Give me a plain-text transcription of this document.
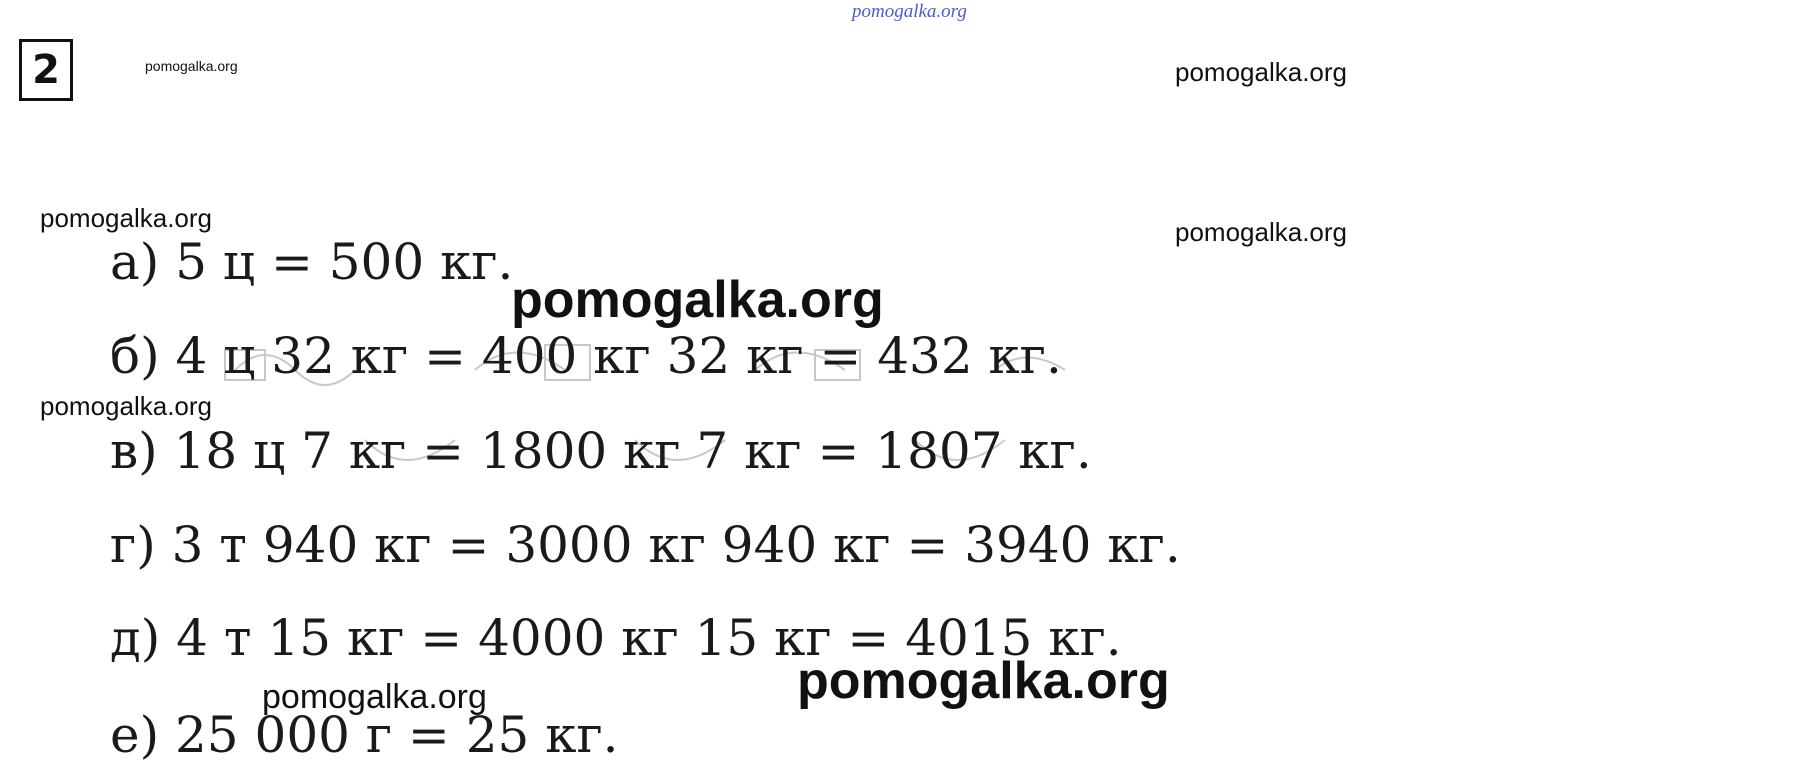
2
pomogalka.org
pomogalka.org	pomogalka.org
pomogalka.org
pomogalka.org
pomogalka.org
а) 5 ц = 500 кг.
б) 4 ц 32 кг = 400 кг 32 кг = 432 кг.
в) 18 ц 7 кг = 1800 кг 7 кг = 1807 кг.
г) 3 т 940 кг = 3000 кг 940 кг = 3940 кг.
д) 4 т 15 кг = 4000 кг 15 кг = 4015 кг.
е) 25 000 г = 25 кг.
pomogalka.org
pomogalka.org
pomogalka.org
